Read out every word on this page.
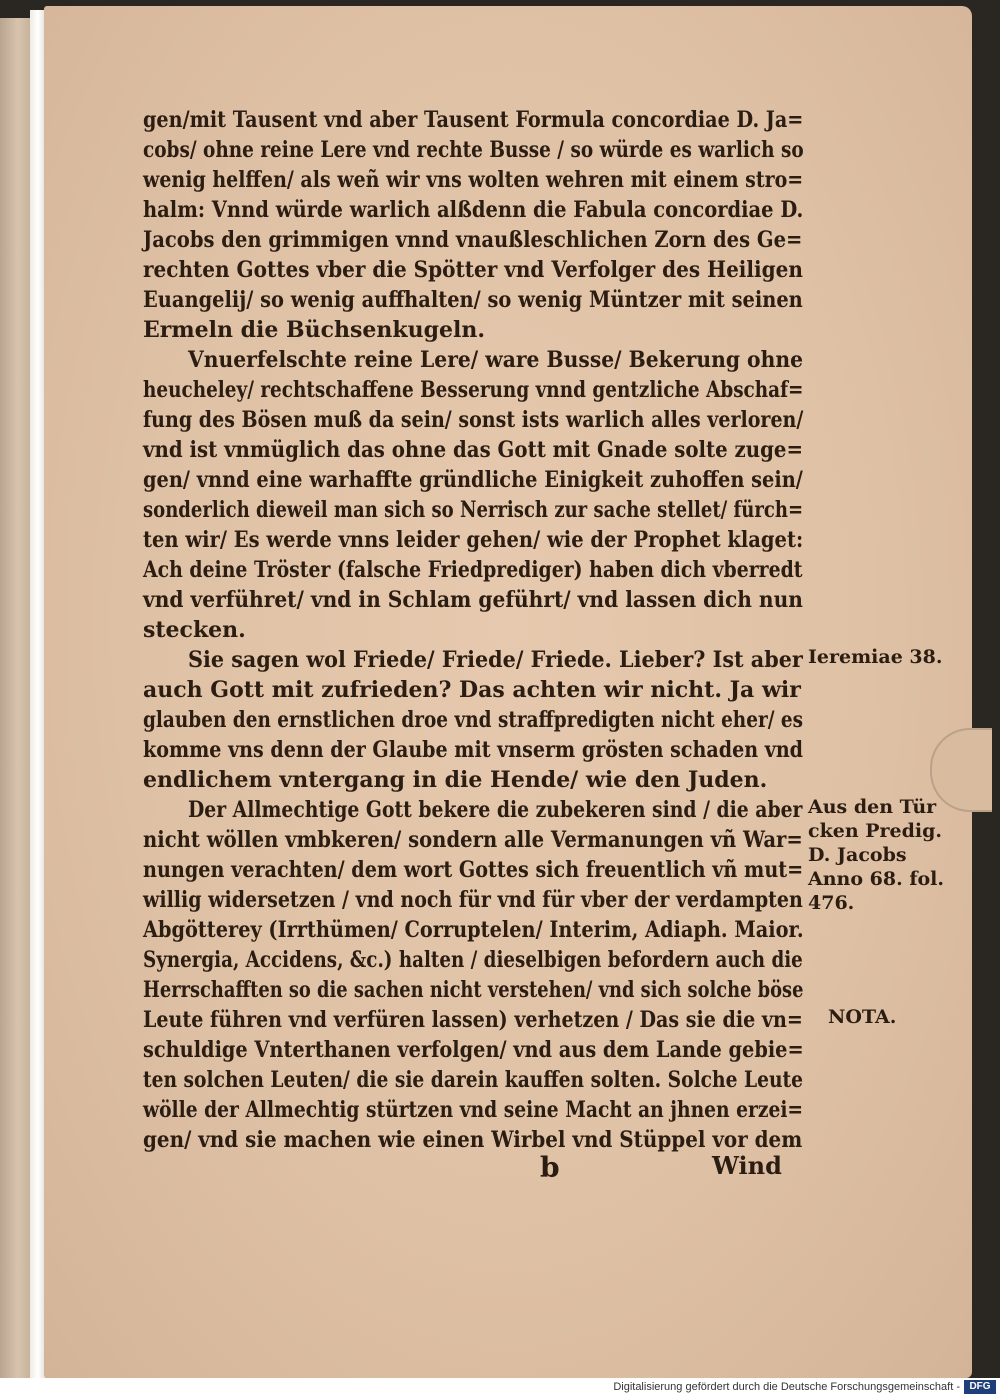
gen/mit Tausent vnd aber Tausent Formula concordiae D. Ja=
cobs/ ohne reine Lere vnd rechte Busse / so würde es warlich so
wenig helffen/ als weñ wir vns wolten wehren mit einem stro=
halm: Vnnd würde warlich alßdenn die Fabula concordiae D.
Jacobs den grimmigen vnnd vnaußleschlichen Zorn des Ge=
rechten Gottes vber die Spötter vnd Verfolger des Heiligen
Euangelij/ so wenig auffhalten/ so wenig Müntzer mit seinen
Ermeln die Büchsenkugeln.
Vnuerfelschte reine Lere/ ware Busse/ Bekerung ohne
heucheley/ rechtschaffene Besserung vnnd gentzliche Abschaf=
fung des Bösen muß da sein/ sonst ists warlich alles verloren/
vnd ist vnmüglich das ohne das Gott mit Gnade solte zuge=
gen/ vnnd eine warhaffte gründliche Einigkeit zuhoffen sein/
sonderlich dieweil man sich so Nerrisch zur sache stellet/ fürch=
ten wir/ Es werde vnns leider gehen/ wie der Prophet klaget:
Ach deine Tröster (falsche Friedprediger) haben dich vberredt
vnd verführet/ vnd in Schlam geführt/ vnd lassen dich nun
stecken.
Sie sagen wol Friede/ Friede/ Friede. Lieber? Ist aber
auch Gott mit zufrieden? Das achten wir nicht. Ja wir
glauben den ernstlichen droe vnd straffpredigten nicht eher/ es
komme vns denn der Glaube mit vnserm grösten schaden vnd
endlichem vntergang in die Hende/ wie den Juden.
Der Allmechtige Gott bekere die zubekeren sind / die aber
nicht wöllen vmbkeren/ sondern alle Vermanungen vñ War=
nungen verachten/ dem wort Gottes sich freuentlich vñ mut=
willig widersetzen / vnd noch für vnd für vber der verdampten
Abgötterey (Irrthümen/ Corruptelen/ Interim, Adiaph. Maior.
Synergia, Accidens, &c.) halten / dieselbigen befordern auch die
Herrschafften so die sachen nicht verstehen/ vnd sich solche böse
Leute führen vnd verfüren lassen) verhetzen / Das sie die vn=
schuldige Vnterthanen verfolgen/ vnd aus dem Lande gebie=
ten solchen Leuten/ die sie darein kauffen solten. Solche Leute
wölle der Allmechtig stürtzen vnd seine Macht an jhnen erzei=
gen/ vnd sie machen wie einen Wirbel vnd Stüppel vor dem
Ieremiae 38.
Aus den Tür
cken Predig.
D. Jacobs
Anno 68. fol.
476.
NOTA.
b	Wind
Digitalisierung gefördert durch die Deutsche Forschungsgemeinschaft - DFG
